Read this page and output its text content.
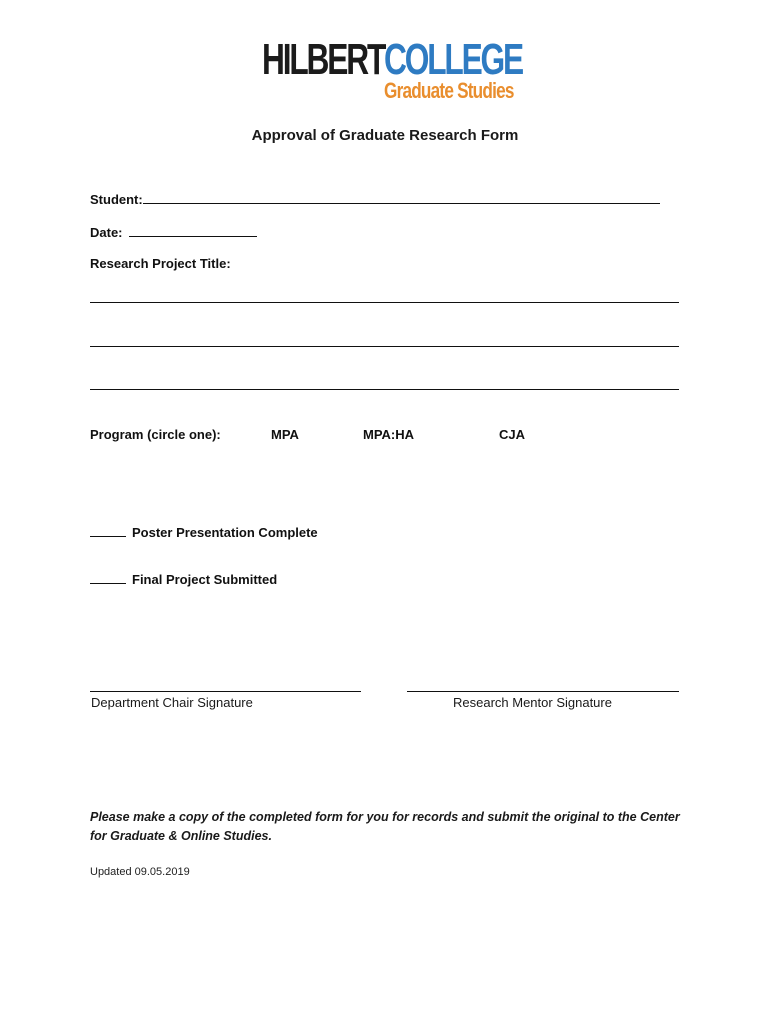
HILBERT COLLEGE
Graduate Studies
Approval of Graduate Research Form
Student:
Date:
Research Project Title:
Program (circle one):	MPA	MPA:HA	CJA
Poster Presentation Complete
Final Project Submitted
Department Chair Signature	Research Mentor Signature
Please make a copy of the completed form for you for records and submit the original to the Center for Graduate & Online Studies.
Updated 09.05.2019
